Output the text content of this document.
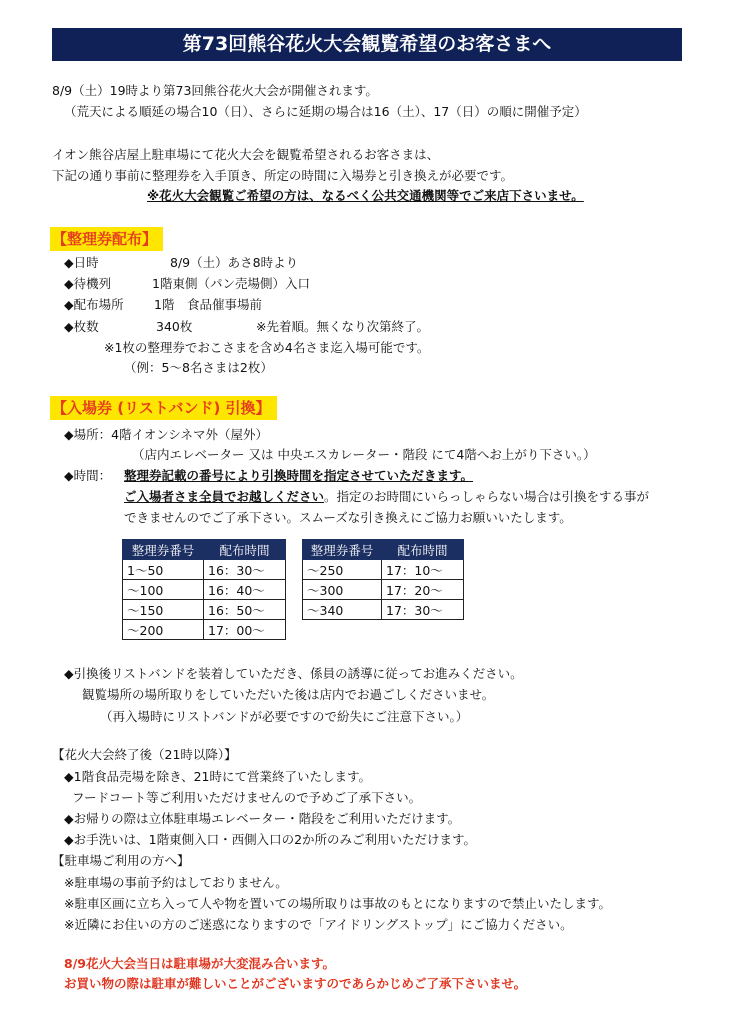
第73回熊谷花火大会観覧希望のお客さまへ
8/9（土）19時より第73回熊谷花火大会が開催されます。
（荒天による順延の場合10（日）、さらに延期の場合は16（土）、17（日）の順に開催予定）
イオン熊谷店屋上駐車場にて花火大会を観覧希望されるお客さまは、
下記の通り事前に整理券を入手頂き、所定の時間に入場券と引き換えが必要です。
※花火大会観覧ご希望の方は、なるべく公共交通機関等でご来店下さいませ。
【整理券配布】
◆日時	8/9（土）あさ8時より
◆待機列	1階東側（パン売場側）入口
◆配布場所 1階　食品催事場前
◆枚数	340枚	※先着順。無くなり次第終了。
※1枚の整理券でおこさまを含め4名さま迄入場可能です。
（例：5～8名さまは2枚）
【入場券 (リストバンド) 引換】
◆場所：4階イオンシネマ外（屋外）
（店内エレベーター 又は 中央エスカレーター・階段 にて4階へお上がり下さい。）
◆時間： 整理券記載の番号により引換時間を指定させていただきます。
ご入場者さま全員でお越しください。指定のお時間にいらっしゃらない場合は引換をする事が
できませんのでご了承下さい。スムーズな引き換えにご協力お願いいたします。
整理券番号	配布時間
1～50	16：30～
～100	16：40～
～150	16：50～
～200	17：00～
整理券番号	配布時間
～250	17：10～
～300	17：20～
～340	17：30～
◆引換後リストバンドを装着していただき、係員の誘導に従ってお進みください。
観覧場所の場所取りをしていただいた後は店内でお過ごしくださいませ。
（再入場時にリストバンドが必要ですので紛失にご注意下さい。）
【花火大会終了後（21時以降）】
◆1階食品売場を除き、21時にて営業終了いたします。
フードコート等ご利用いただけませんので予めご了承下さい。
◆お帰りの際は立体駐車場エレベーター・階段をご利用いただけます。
◆お手洗いは、1階東側入口・西側入口の2か所のみご利用いただけます。
【駐車場ご利用の方へ】
※駐車場の事前予約はしておりません。
※駐車区画に立ち入って人や物を置いての場所取りは事故のもとになりますので禁止いたします。
※近隣にお住いの方のご迷惑になりますので「アイドリングストップ」にご協力ください。
8/9花火大会当日は駐車場が大変混み合います。
お買い物の際は駐車が難しいことがございますのであらかじめご了承下さいませ。
